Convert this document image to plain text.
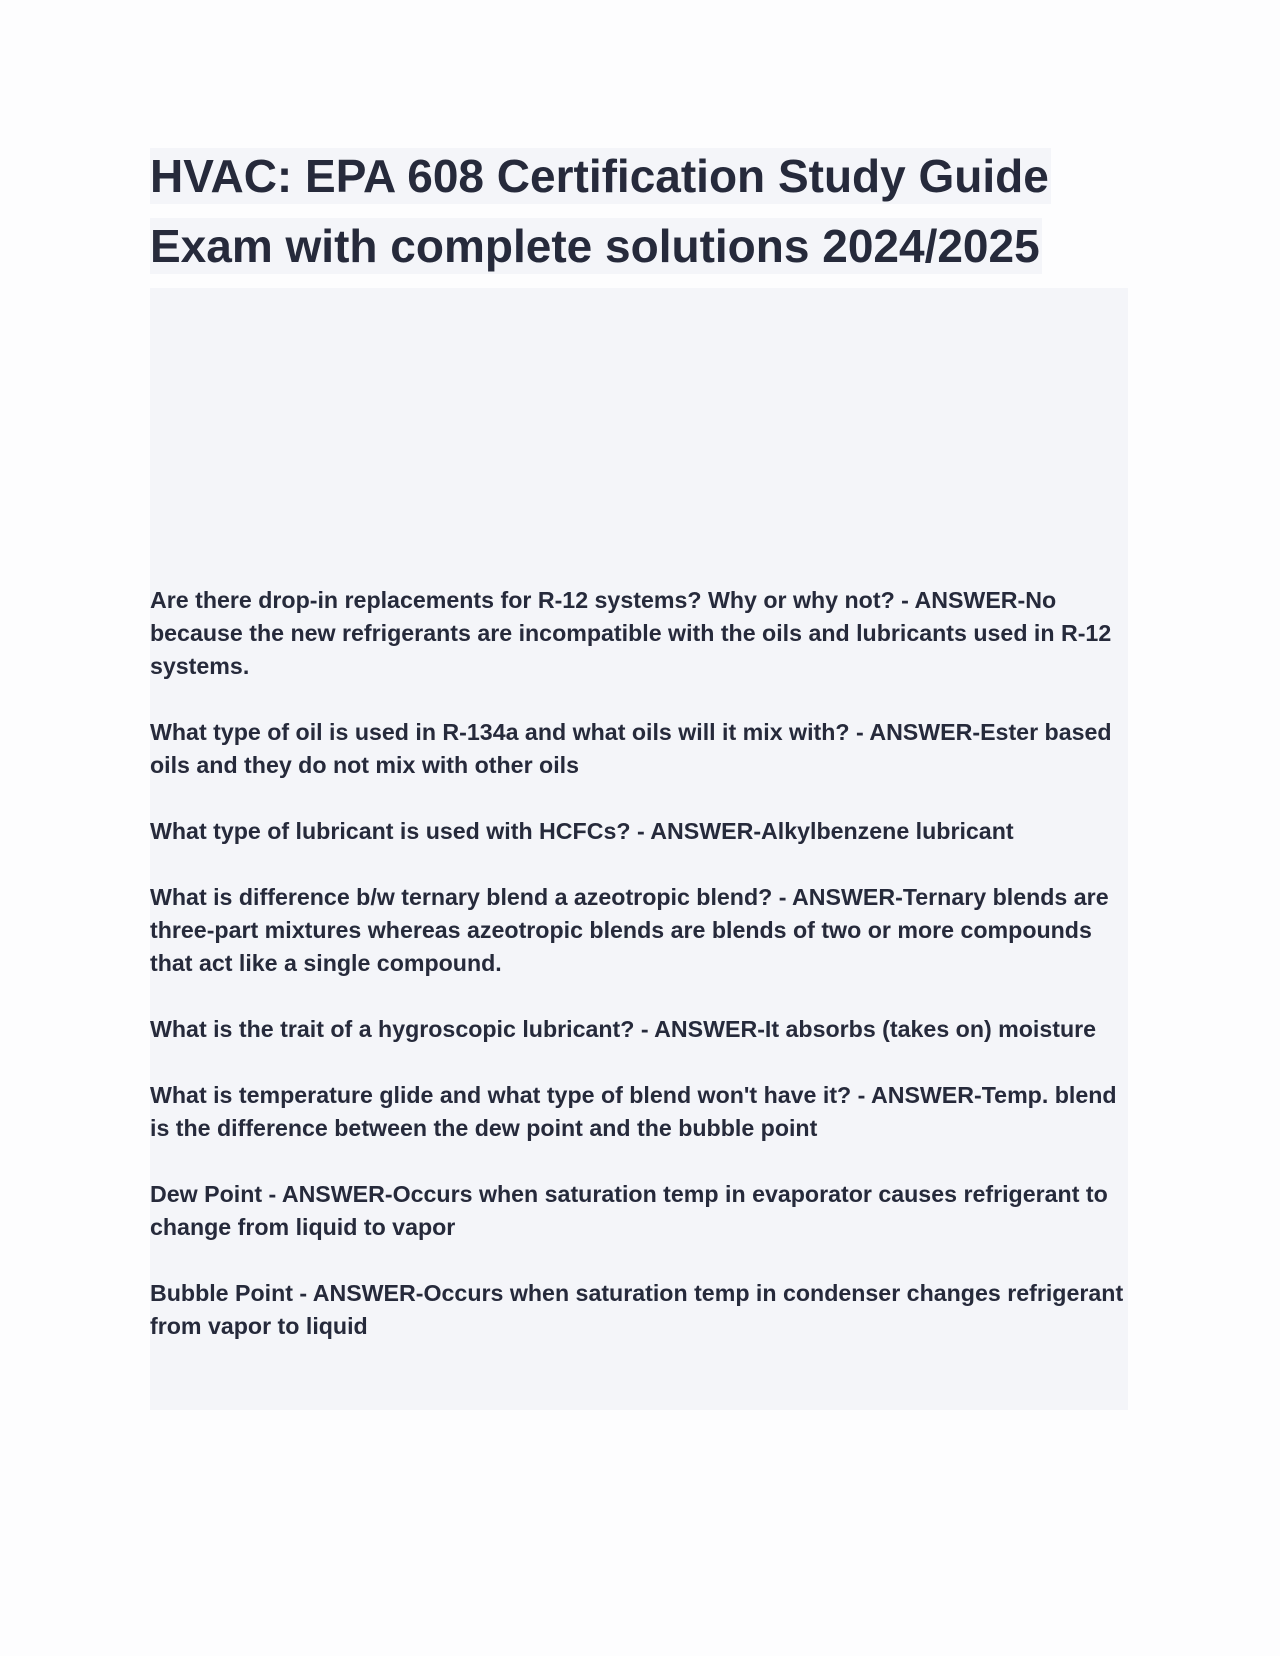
HVAC: EPA 608 Certification Study Guide
Exam with complete solutions 2024/2025
Are there drop-in replacements for R-12 systems? Why or why not? - ANSWER-No because the new refrigerants are incompatible with the oils and lubricants used in R-12 systems.
What type of oil is used in R-134a and what oils will it mix with? - ANSWER-Ester based oils and they do not mix with other oils
What type of lubricant is used with HCFCs? - ANSWER-Alkylbenzene lubricant
What is difference b/w ternary blend a azeotropic blend? - ANSWER-Ternary blends are three-part mixtures whereas azeotropic blends are blends of two or more compounds that act like a single compound.
What is the trait of a hygroscopic lubricant? - ANSWER-It absorbs (takes on) moisture
What is temperature glide and what type of blend won't have it? - ANSWER-Temp. blend is the difference between the dew point and the bubble point
Dew Point - ANSWER-Occurs when saturation temp in evaporator causes refrigerant to change from liquid to vapor
Bubble Point - ANSWER-Occurs when saturation temp in condenser changes refrigerant from vapor to liquid
